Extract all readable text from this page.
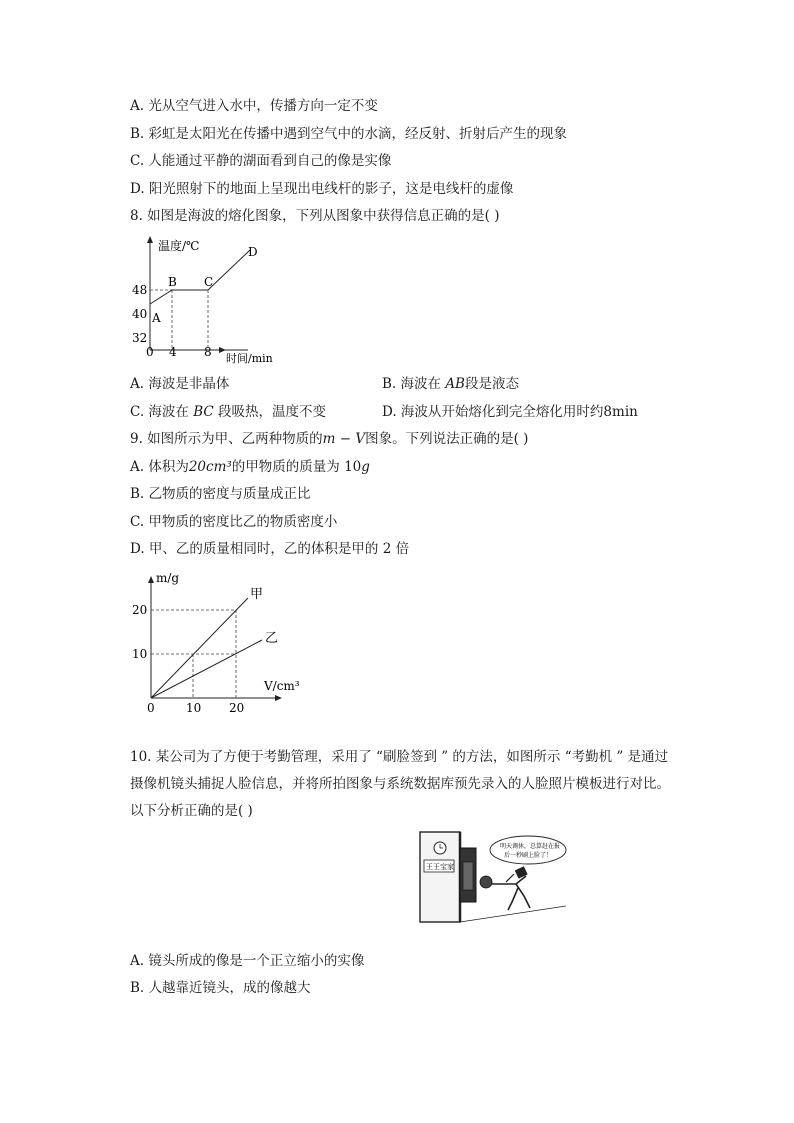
A. 光从空气进入水中，传播方向一定不变
B. 彩虹是太阳光在传播中遇到空气中的水滴，经反射、折射后产生的现象
C. 人能通过平静的湖面看到自己的像是实像
D. 阳光照射下的地面上呈现出电线杆的影子，这是电线杆的虚像
8. 如图是海波的熔化图象，下列从图象中获得信息正确的是( )
温度/℃
时间/min
48
40
32
0 4 8
A
B C
D
A. 海波是非晶体	B. 海波在 AB段是液态
C. 海波在 BC 段吸热，温度不变	D. 海波从开始熔化到完全熔化用时约8min
9. 如图所示为甲、乙两种物质的m − V图象。下列说法正确的是( )
A. 体积为20cm³的甲物质的质量为 10g
B. 乙物质的密度与质量成正比
C. 甲物质的密度比乙的物质密度小
D. 甲、乙的质量相同时，乙的体积是甲的 2 倍
m/g
V/cm³
甲
乙
20
10
0	10 20
10. 某公司为了方便于考勤管理，采用了 “刷脸签到 ” 的方法，如图所示 “考勤机 ” 是通过
摄像机镜头捕捉人脸信息，并将所拍图象与系统数据库预先录入的人脸照片模板进行对比。
以下分析正确的是( )
王王宝家
明天调休，总算赶在报
后一秒刷上脸了！
A. 镜头所成的像是一个正立缩小的实像
B. 人越靠近镜头，成的像越大
